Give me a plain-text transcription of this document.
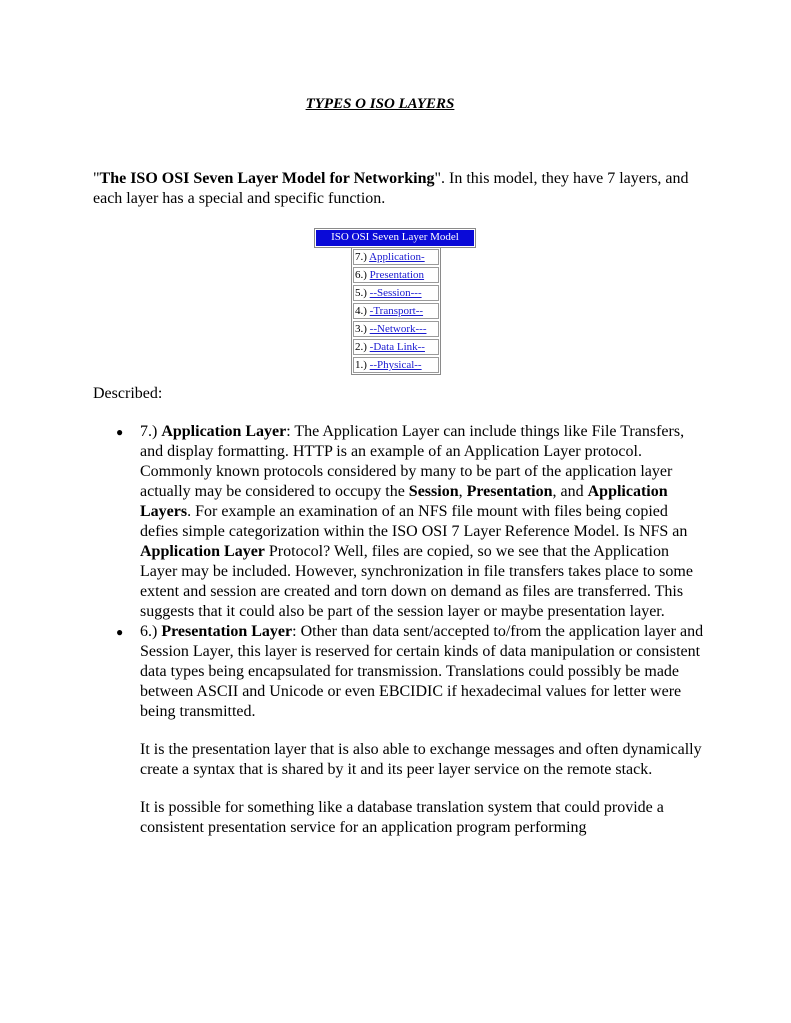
TYPES O ISO LAYERS
"The ISO OSI Seven Layer Model for Networking". In this model, they have 7 layers, and each layer has a special and specific function.
ISO OSI Seven Layer Model
7.) Application-
6.) Presentation
5.) --Session---
4.) -Transport--
3.) --Network---
2.) -Data Link--
1.) --Physical--
Described:
● 7.) Application Layer: The Application Layer can include things like File Transfers, and display formatting. HTTP is an example of an Application Layer protocol. Commonly known protocols considered by many to be part of the application layer actually may be considered to occupy the Session, Presentation, and Application Layers. For example an examination of an NFS file mount with files being copied defies simple categorization within the ISO OSI 7 Layer Reference Model. Is NFS an Application Layer Protocol? Well, files are copied, so we see that the Application Layer may be included. However, synchronization in file transfers takes place to some extent and session are created and torn down on demand as files are transferred. This suggests that it could also be part of the session layer or maybe presentation layer.

● 6.) Presentation Layer: Other than data sent/accepted to/from the application layer and Session Layer, this layer is reserved for certain kinds of data manipulation or consistent data types being encapsulated for transmission. Translations could possibly be made between ASCII and Unicode or even EBCIDIC if hexadecimal values for letter were being transmitted.

It is the presentation layer that is also able to exchange messages and often dynamically create a syntax that is shared by it and its peer layer service on the remote stack.

It is possible for something like a database translation system that could provide a consistent presentation service for an application program performing
